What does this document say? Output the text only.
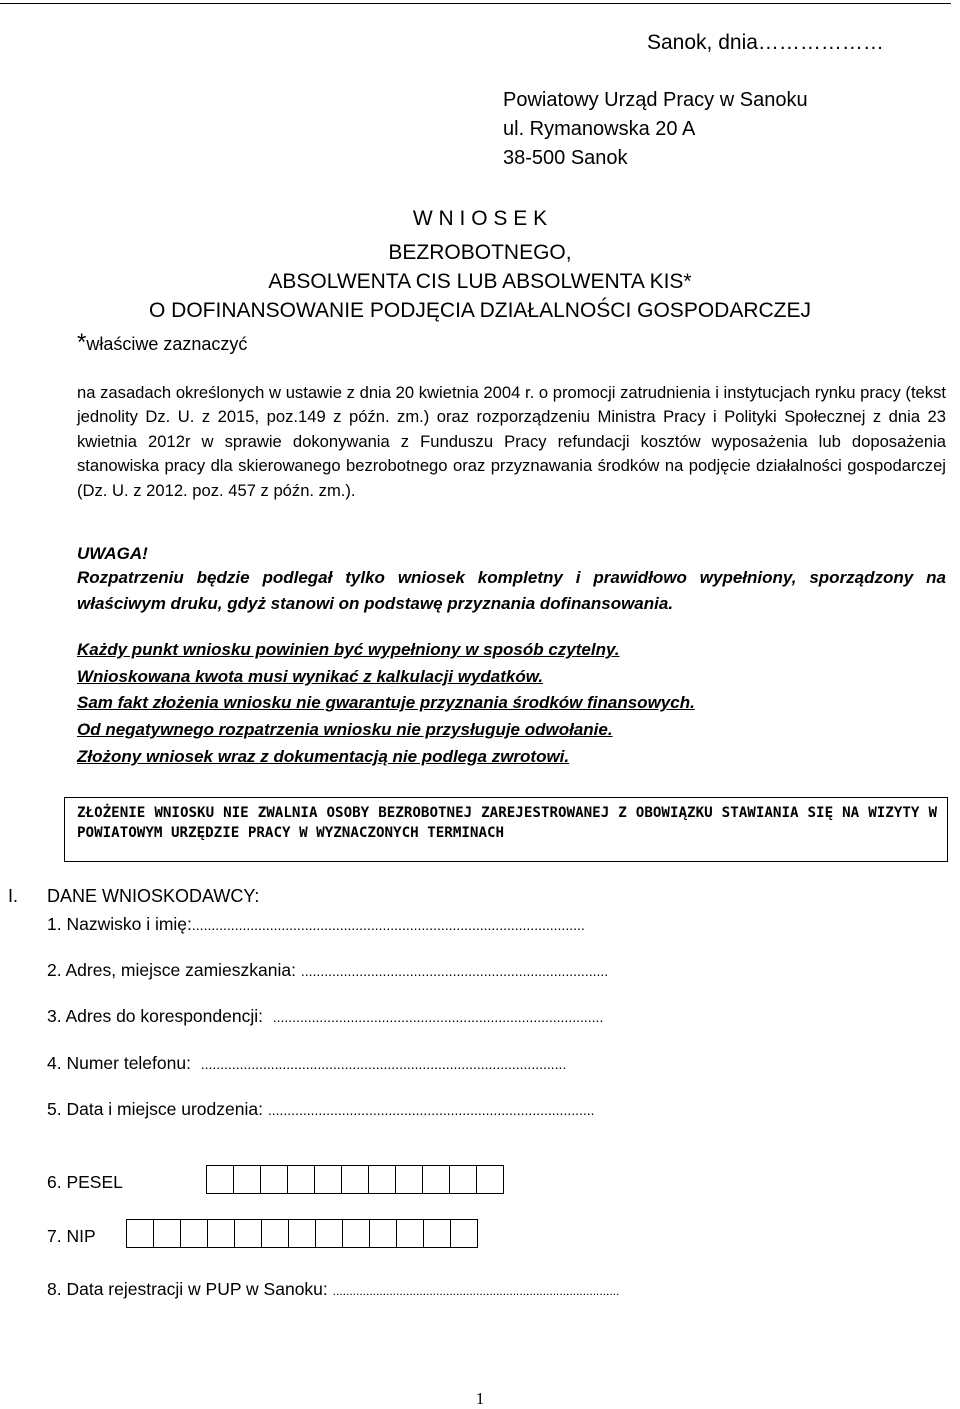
Sanok, dnia………………
Powiatowy Urząd Pracy w Sanoku
ul. Rymanowska 20 A
38-500 Sanok
W N I O S E K
BEZROBOTNEGO,
ABSOLWENTA CIS LUB ABSOLWENTA KIS*
O DOFINANSOWANIE PODJĘCIA DZIAŁALNOŚCI GOSPODARCZEJ
*właściwe zaznaczyć
na zasadach określonych w ustawie z dnia 20 kwietnia 2004 r. o promocji zatrudnienia i instytucjach rynku pracy (tekst jednolity Dz. U. z 2015, poz.149 z późn. zm.) oraz rozporządzeniu Ministra Pracy i Polityki Społecznej z dnia 23 kwietnia 2012r w sprawie dokonywania z Funduszu Pracy refundacji kosztów wyposażenia lub doposażenia stanowiska pracy dla skierowanego bezrobotnego oraz przyznawania środków na podjęcie działalności gospodarczej (Dz. U. z 2012. poz. 457 z późn. zm.).
UWAGA!
Rozpatrzeniu będzie podlegał tylko wniosek kompletny i prawidłowo wypełniony, sporządzony na właściwym druku, gdyż stanowi on podstawę przyznania dofinansowania.
Każdy punkt wniosku powinien być wypełniony w sposób czytelny.
Wnioskowana kwota musi wynikać z kalkulacji wydatków.
Sam fakt złożenia wniosku nie gwarantuje przyznania środków finansowych.
Od negatywnego rozpatrzenia wniosku nie przysługuje odwołanie.
Złożony wniosek wraz z dokumentacją nie podlega zwrotowi.
ZŁOŻENIE WNIOSKU NIE ZWALNIA OSOBY BEZROBOTNEJ ZAREJESTROWANEJ Z OBOWIĄZKU STAWIANIA SIĘ NA WIZYTY W POWIATOWYM URZĘDZIE PRACY W WYZNACZONYCH TERMINACH
I. DANE WNIOSKODAWCY:
1. Nazwisko i imię:.....................................................................................................
2. Adres, miejsce zamieszkania: ...............................................................................
3. Adres do korespondencji: .....................................................................................
4. Numer telefonu: ..............................................................................................
5. Data i miejsce urodzenia: ....................................................................................
6. PESEL
7. NIP
8. Data rejestracji w PUP w Sanoku: ......................................................................................
1
